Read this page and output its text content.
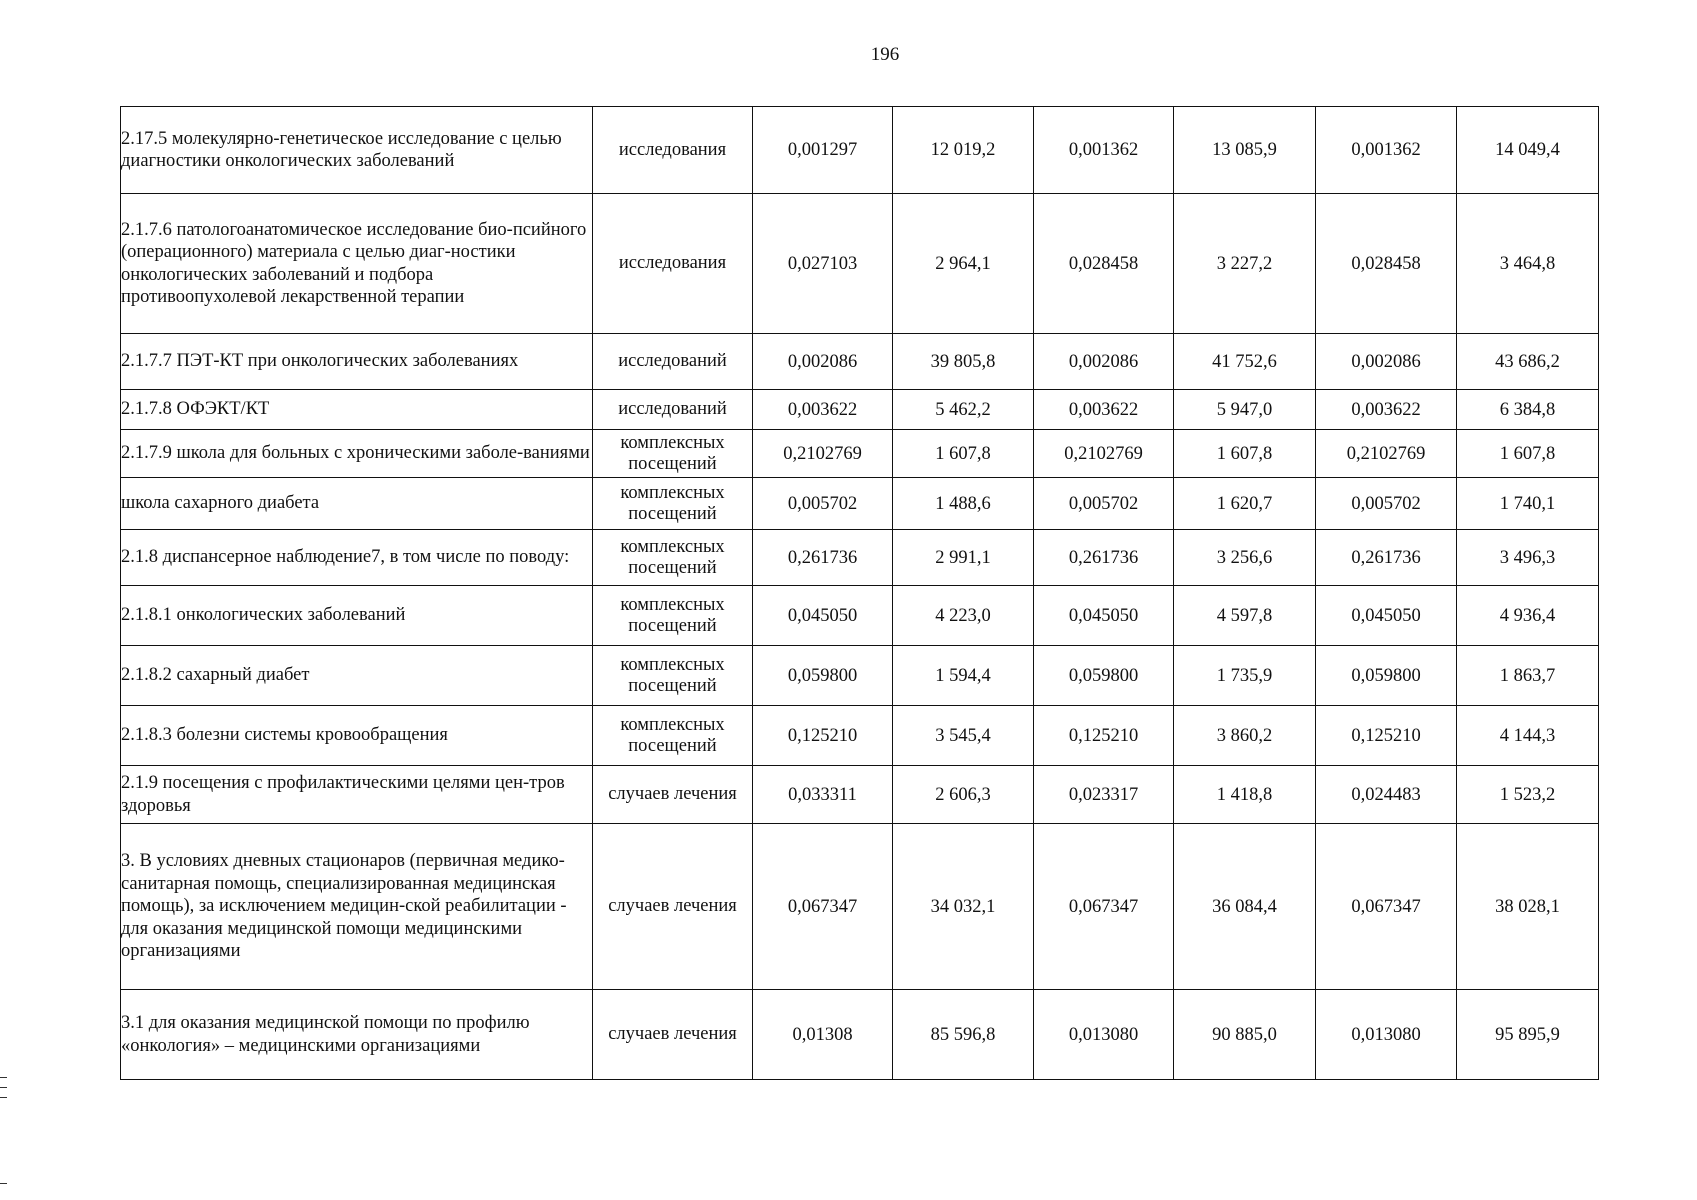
196
2.17.5 молекулярно-генетическое исследование с целью диагностики онкологических заболеваний	исследования	0,001297	12 019,2	0,001362	13 085,9	0,001362	14 049,4
2.1.7.6 патологоанатомическое исследование био-псийного (операционного) материала с целью диаг-ностики онкологических заболеваний и подбора противоопухолевой лекарственной терапии	исследования	0,027103	2 964,1	0,028458	3 227,2	0,028458	3 464,8
2.1.7.7 ПЭТ-КТ при онкологических заболеваниях	исследований	0,002086	39 805,8	0,002086	41 752,6	0,002086	43 686,2
2.1.7.8 ОФЭКТ/КТ	исследований	0,003622	5 462,2	0,003622	5 947,0	0,003622	6 384,8
2.1.7.9 школа для больных с хроническими заболе-ваниями	комплексных посещений	0,2102769	1 607,8	0,2102769	1 607,8	0,2102769	1 607,8
школа сахарного диабета	комплексных посещений	0,005702	1 488,6	0,005702	1 620,7	0,005702	1 740,1
2.1.8 диспансерное наблюдение7, в том числе по поводу:	комплексных посещений	0,261736	2 991,1	0,261736	3 256,6	0,261736	3 496,3
2.1.8.1 онкологических заболеваний	комплексных посещений	0,045050	4 223,0	0,045050	4 597,8	0,045050	4 936,4
2.1.8.2 сахарный диабет	комплексных посещений	0,059800	1 594,4	0,059800	1 735,9	0,059800	1 863,7
2.1.8.3 болезни системы кровообращения	комплексных посещений	0,125210	3 545,4	0,125210	3 860,2	0,125210	4 144,3
2.1.9 посещения с профилактическими целями цен-тров здоровья	случаев лечения	0,033311	2 606,3	0,023317	1 418,8	0,024483	1 523,2
3. В условиях дневных стационаров (первичная медико-санитарная помощь, специализированная медицинская помощь), за исключением медицин-ской реабилитации - для оказания медицинской помощи медицинскими организациями	случаев лечения	0,067347	34 032,1	0,067347	36 084,4	0,067347	38 028,1
3.1 для оказания медицинской помощи по профилю «онкология» – медицинскими организациями	случаев лечения	0,01308	85 596,8	0,013080	90 885,0	0,013080	95 895,9
